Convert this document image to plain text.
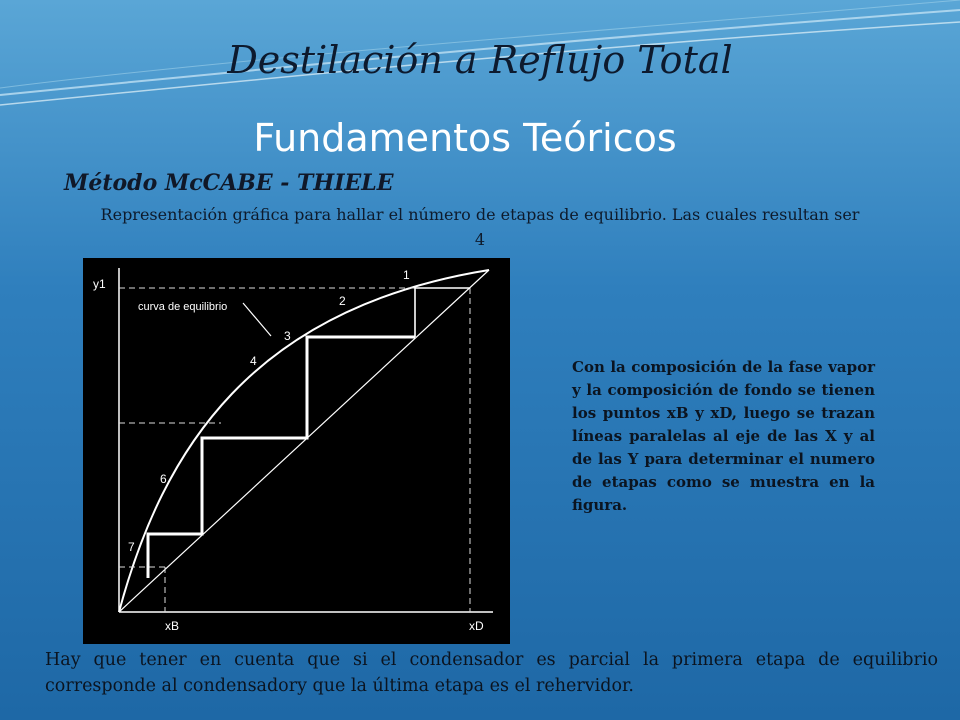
Destilación a Reflujo Total
Fundamentos Teóricos
Método McCABE - THIELE
Representación gráfica para hallar el número de etapas de equilibrio. Las cuales resultan ser 4
y1
curva de equilibrio
1
2
3
4
6
7
xB	xD
Con la composición de la fase vapor y la composición de fondo se tienen los puntos xB y xD, luego se trazan líneas paralelas al eje de las X y al de las Y para determinar el numero de etapas como se muestra en la figura.
Hay que tener en cuenta que si el condensador es parcial la primera etapa de equilibrio corresponde al condensadory que la última etapa es el rehervidor.
